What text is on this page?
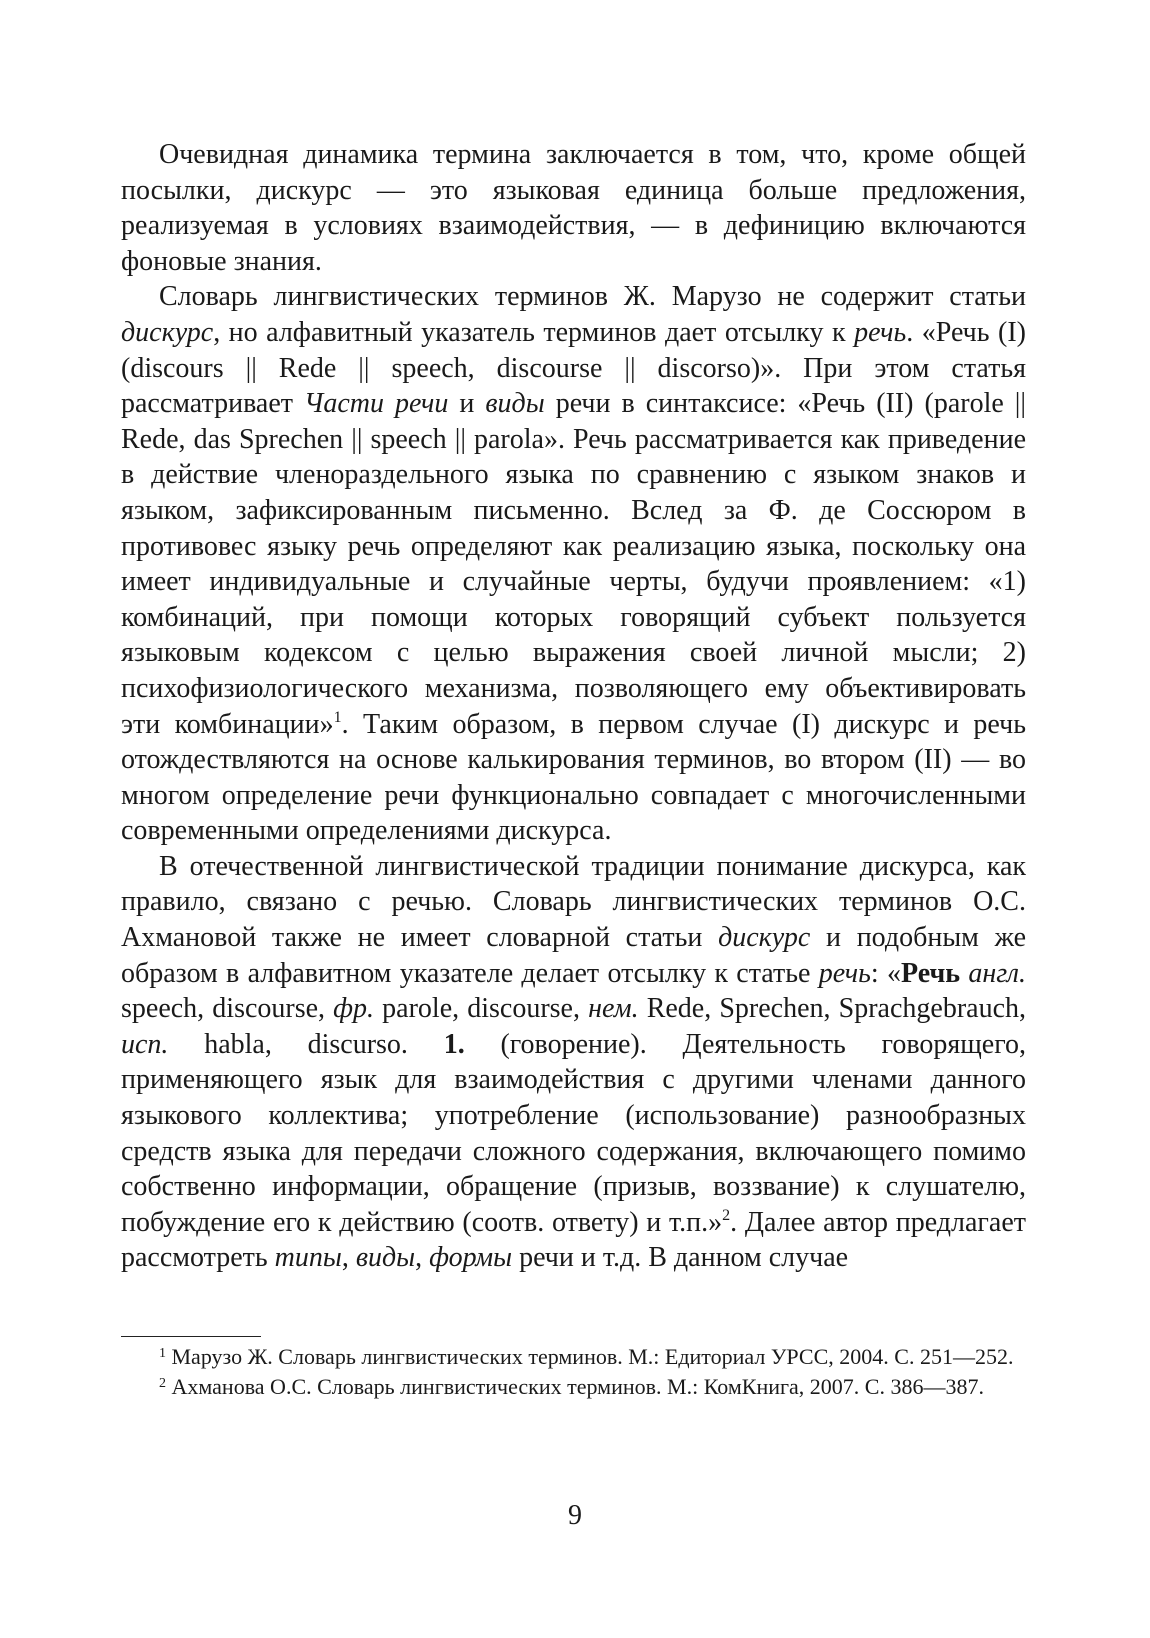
Очевидная динамика термина заключается в том, что, кроме общей посылки, дискурс — это языковая единица больше предложения, реализуемая в условиях взаимодействия, — в дефиницию включаются фоновые знания.

Словарь лингвистических терминов Ж. Марузо не содержит статьи дискурс, но алфавитный указатель терминов дает отсылку к речь. «Речь (I) (discours || Rede || speech, discourse || discorso)». При этом статья рассматривает Части речи и виды речи в синтаксисе: «Речь (II) (parole || Rede, das Sprechen || speech || parola». Речь рассматривается как приведение в действие членораздельного языка по сравнению с языком знаков и языком, зафиксированным письменно. Вслед за Ф. де Соссюром в противовес языку речь определяют как реализацию языка, поскольку она имеет индивидуальные и случайные черты, будучи проявлением: «1) комбинаций, при помощи которых говорящий субъект пользуется языковым кодексом с целью выражения своей личной мысли; 2) психофизиологического механизма, позволяющего ему объективировать эти комбинации»$^1$. Таким образом, в первом случае (I) дискурс и речь отождествляются на основе калькирования терминов, во втором (II) — во многом определение речи функционально совпадает с многочисленными современными определениями дискурса.

В отечественной лингвистической традиции понимание дискурса, как правило, связано с речью. Словарь лингвистических терминов О.С. Ахмановой также не имеет словарной статьи дискурс и подобным же образом в алфавитном указателе делает отсылку к статье речь: «Речь англ. speech, discourse, фр. parole, discourse, нем. Rede, Sprechen, Sprachgebrauch, исп. habla, discurso. 1. (говорение). Деятельность говорящего, применяющего язык для взаимодействия с другими членами данного языкового коллектива; употребление (использование) разнообразных средств языка для передачи сложного содержания, включающего помимо собственно информации, обращение (призыв, воззвание) к слушателю, побуждение его к действию (соотв. ответу) и т.п.»$^2$. Далее автор предлагает рассмотреть типы, виды, формы речи и т.д. В данном случае

$^1$ Марузо Ж. Словарь лингвистических терминов. М.: Едиториал УРСС, 2004. С. 251—252.

$^2$ Ахманова О.С. Словарь лингвистических терминов. М.: КомКнига, 2007. С. 386—387.

9
